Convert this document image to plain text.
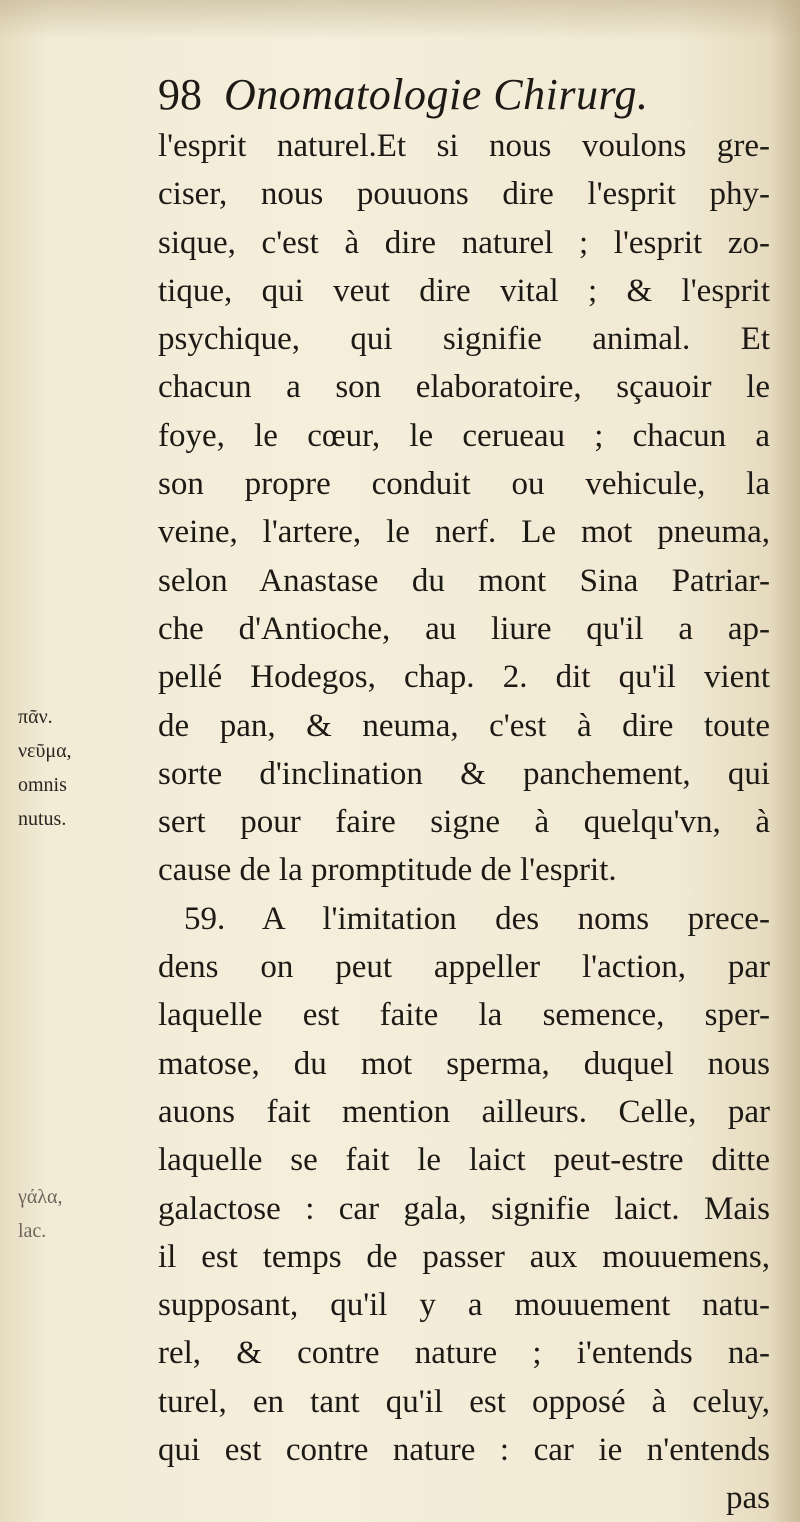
98 Onomatologie Chirurg.
l'esprit naturel.Et si nous voulons gre-
ciser, nous pouuons dire l'esprit phy-
sique, c'est à dire naturel ; l'esprit zo-
tique, qui veut dire vital ; & l'esprit
psychique, qui signifie animal. Et
chacun a son elaboratoire, sçauoir le
foye, le cœur, le cerueau ; chacun a
son propre conduit ou vehicule, la
veine, l'artere, le nerf. Le mot pneuma,
selon Anastase du mont Sina Patriar-
che d'Antioche, au liure qu'il a ap-
pellé Hodegos, chap. 2. dit qu'il vient
de pan, & neuma, c'est à dire toute
sorte d'inclination & panchement, qui
sert pour faire signe à quelqu'vn, à
cause de la promptitude de l'esprit.
59. A l'imitation des noms prece-
dens on peut appeller l'action, par
laquelle est faite la semence, sper-
matose, du mot sperma, duquel nous
auons fait mention ailleurs. Celle, par
laquelle se fait le laict peut-estre ditte
galactose : car gala, signifie laict. Mais
il est temps de passer aux mouuemens,
supposant, qu'il y a mouuement natu-
rel, & contre nature ; i'entends na-
turel, en tant qu'il est opposé à celuy,
qui est contre nature : car ie n'entends
pas
πᾶν.
νεῦμα,
omnis
nutus.
γάλα,
lac.
